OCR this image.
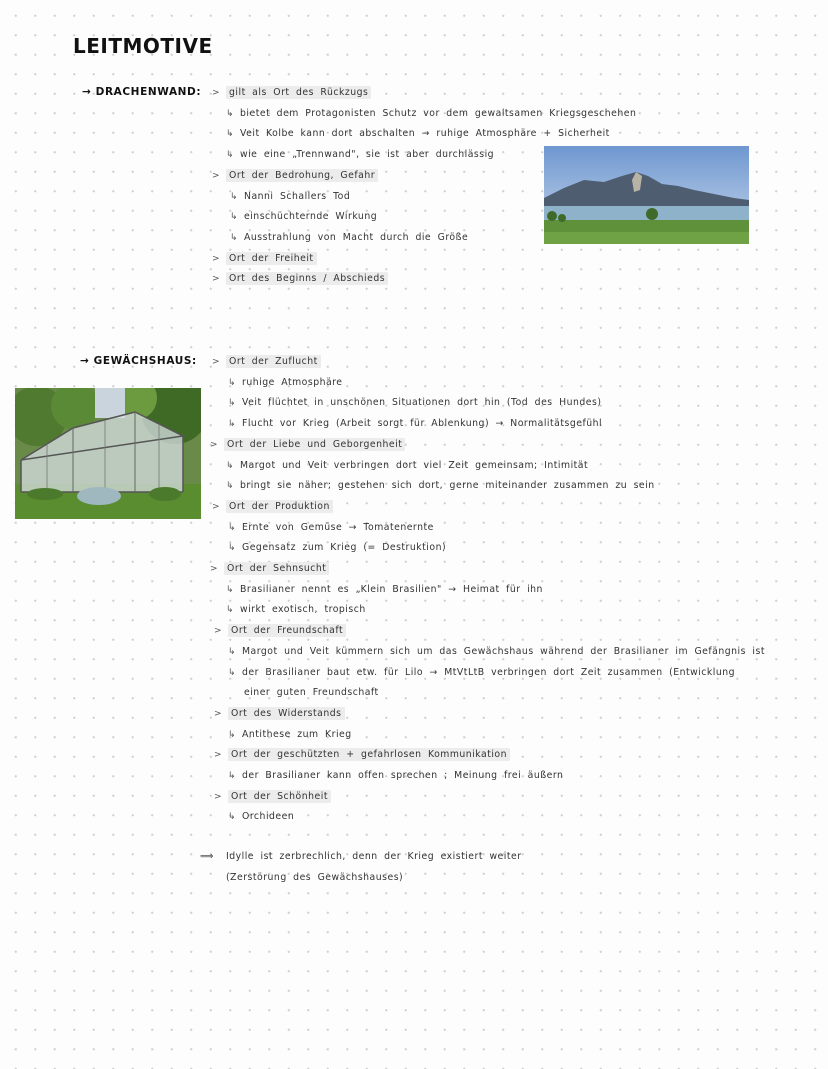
LEITMOTIVE
→ DRACHENWAND: > gilt als Ort des Rückzugs
↳ bietet dem Protagonisten Schutz vor dem gewaltsamen Kriegsgeschehen
↳ Veit Kolbe kann dort abschalten → ruhige Atmosphäre + Sicherheit
↳ wie eine „Trennwand", sie ist aber durchlässig
> Ort der Bedrohung, Gefahr
↳ Nanni Schallers Tod
↳ einschüchternde Wirkung
↳ Ausstrahlung von Macht durch die Größe
> Ort der Freiheit
> Ort des Beginns / Abschieds
→ GEWÄCHSHAUS: > Ort der Zuflucht
↳ ruhige Atmosphäre
↳ Veit flüchtet in unschönen Situationen dort hin (Tod des Hundes)
↳ Flucht vor Krieg (Arbeit sorgt für Ablenkung) → Normalitätsgefühl
> Ort der Liebe und Geborgenheit
↳ Margot und Veit verbringen dort viel Zeit gemeinsam; Intimität
↳ bringt sie näher; gestehen sich dort, gerne miteinander zusammen zu sein
> Ort der Produktion
↳ Ernte von Gemüse → Tomatenernte
↳ Gegensatz zum Krieg (= Destruktion)
> Ort der Sehnsucht
↳ Brasilianer nennt es „Klein Brasilien" → Heimat für ihn
↳ wirkt exotisch, tropisch
> Ort der Freundschaft
↳ Margot und Veit kümmern sich um das Gewächshaus während der Brasilianer im Gefängnis ist
↳ der Brasilianer baut etw. für Lilo → MtVtLtB verbringen dort Zeit zusammen (Entwicklung
einer guten Freundschaft
> Ort des Widerstands
↳ Antithese zum Krieg
> Ort der geschützten + gefahrlosen Kommunikation
↳ der Brasilianer kann offen sprechen ; Meinung frei äußern
> Ort der Schönheit
↳ Orchideen
⟹ Idylle ist zerbrechlich, denn der Krieg existiert weiter
(Zerstörung des Gewächshauses)
